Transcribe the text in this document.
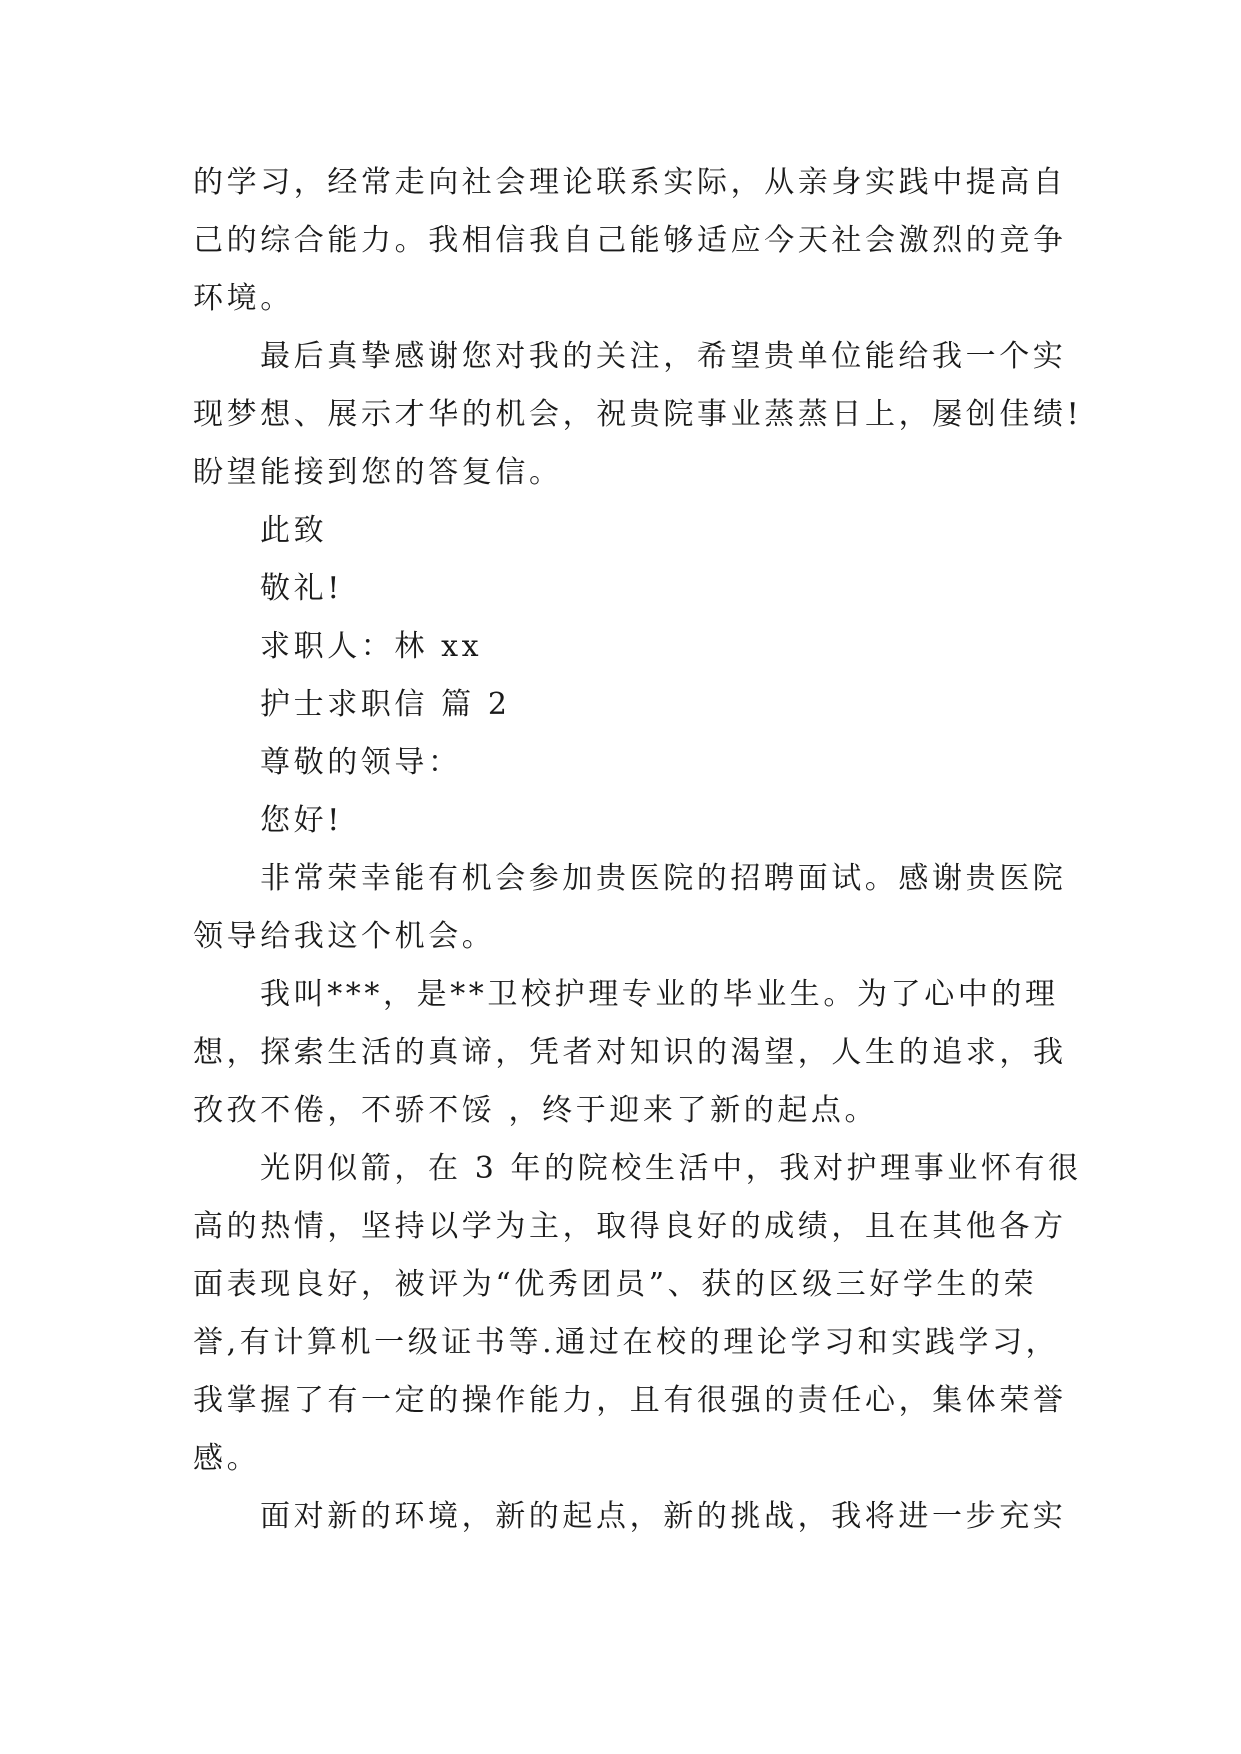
的学习，经常走向社会理论联系实际，从亲身实践中提高自
己的综合能力。我相信我自己能够适应今天社会激烈的竞争
环境。
最后真挚感谢您对我的关注，希望贵单位能给我一个实
现梦想、展示才华的机会，祝贵院事业蒸蒸日上，屡创佳绩!
盼望能接到您的答复信。
此致
敬礼!
求职人：林 xx
护士求职信 篇 2
尊敬的领导：
您好!
非常荣幸能有机会参加贵医院的招聘面试。感谢贵医院
领导给我这个机会。
我叫***，是**卫校护理专业的毕业生。为了心中的理
想，探索生活的真谛，凭者对知识的渴望，人生的追求，我
孜孜不倦，不骄不馁 ，终于迎来了新的起点。
光阴似箭，在 3 年的院校生活中，我对护理事业怀有很
高的热情，坚持以学为主，取得良好的成绩，且在其他各方
面表现良好，被评为“优秀团员”、获的区级三好学生的荣
誉,有计算机一级证书等.通过在校的理论学习和实践学习，
我掌握了有一定的操作能力，且有很强的责任心，集体荣誉
感。
面对新的环境，新的起点，新的挑战，我将进一步充实
